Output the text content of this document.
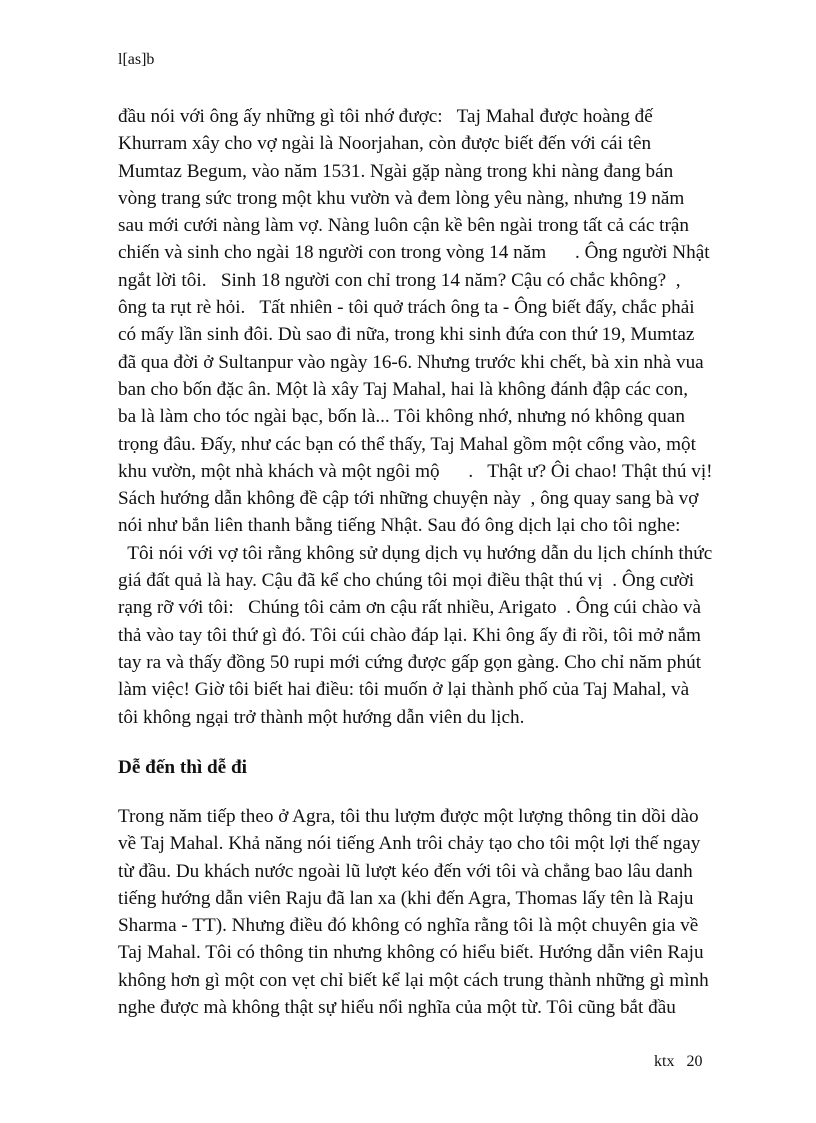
l[as]b
đầu nói với ông ấy những gì tôi nhớ được:   Taj Mahal được hoàng đế
Khurram xây cho vợ ngài là Noorjahan, còn được biết đến với cái tên
Mumtaz Begum, vào năm 1531. Ngài gặp nàng trong khi nàng đang bán
vòng trang sức trong một khu vườn và đem lòng yêu nàng, nhưng 19 năm
sau mới cưới nàng làm vợ. Nàng luôn cận kề bên ngài trong tất cả các trận
chiến và sinh cho ngài 18 người con trong vòng 14 năm      . Ông người Nhật
ngắt lời tôi.   Sinh 18 người con chỉ trong 14 năm? Cậu có chắc không?  ,
ông ta rụt rè hỏi.   Tất nhiên - tôi quở trách ông ta - Ông biết đấy, chắc phải
có mấy lần sinh đôi. Dù sao đi nữa, trong khi sinh đứa con thứ 19, Mumtaz
đã qua đời ở Sultanpur vào ngày 16-6. Nhưng trước khi chết, bà xin nhà vua
ban cho bốn đặc ân. Một là xây Taj Mahal, hai là không đánh đập các con,
ba là làm cho tóc ngài bạc, bốn là... Tôi không nhớ, nhưng nó không quan
trọng đâu. Đấy, như các bạn có thể thấy, Taj Mahal gồm một cổng vào, một
khu vườn, một nhà khách và một ngôi mộ      .   Thật ư? Ôi chao! Thật thú vị!
Sách hướng dẫn không đề cập tới những chuyện này  , ông quay sang bà vợ
nói như bắn liên thanh bằng tiếng Nhật. Sau đó ông dịch lại cho tôi nghe:
Tôi nói với vợ tôi rằng không sử dụng dịch vụ hướng dẫn du lịch chính thức
giá đất quả là hay. Cậu đã kể cho chúng tôi mọi điều thật thú vị  . Ông cười
rạng rỡ với tôi:   Chúng tôi cảm ơn cậu rất nhiều, Arigato  . Ông cúi chào và
thả vào tay tôi thứ gì đó. Tôi cúi chào đáp lại. Khi ông ấy đi rồi, tôi mở nắm
tay ra và thấy đồng 50 rupi mới cứng được gấp gọn gàng. Cho chỉ năm phút
làm việc! Giờ tôi biết hai điều: tôi muốn ở lại thành phố của Taj Mahal, và
tôi không ngại trở thành một hướng dẫn viên du lịch.
Dễ đến thì dễ đi
Trong năm tiếp theo ở Agra, tôi thu lượm được một lượng thông tin dồi dào
về Taj Mahal. Khả năng nói tiếng Anh trôi chảy tạo cho tôi một lợi thế ngay
từ đầu. Du khách nước ngoài lũ lượt kéo đến với tôi và chẳng bao lâu danh
tiếng hướng dẫn viên Raju đã lan xa (khi đến Agra, Thomas lấy tên là Raju
Sharma - TT). Nhưng điều đó không có nghĩa rằng tôi là một chuyên gia về
Taj Mahal. Tôi có thông tin nhưng không có hiểu biết. Hướng dẫn viên Raju
không hơn gì một con vẹt chỉ biết kể lại một cách trung thành những gì mình
nghe được mà không thật sự hiểu nổi nghĩa của một từ. Tôi cũng bắt đầu
ktx   20
